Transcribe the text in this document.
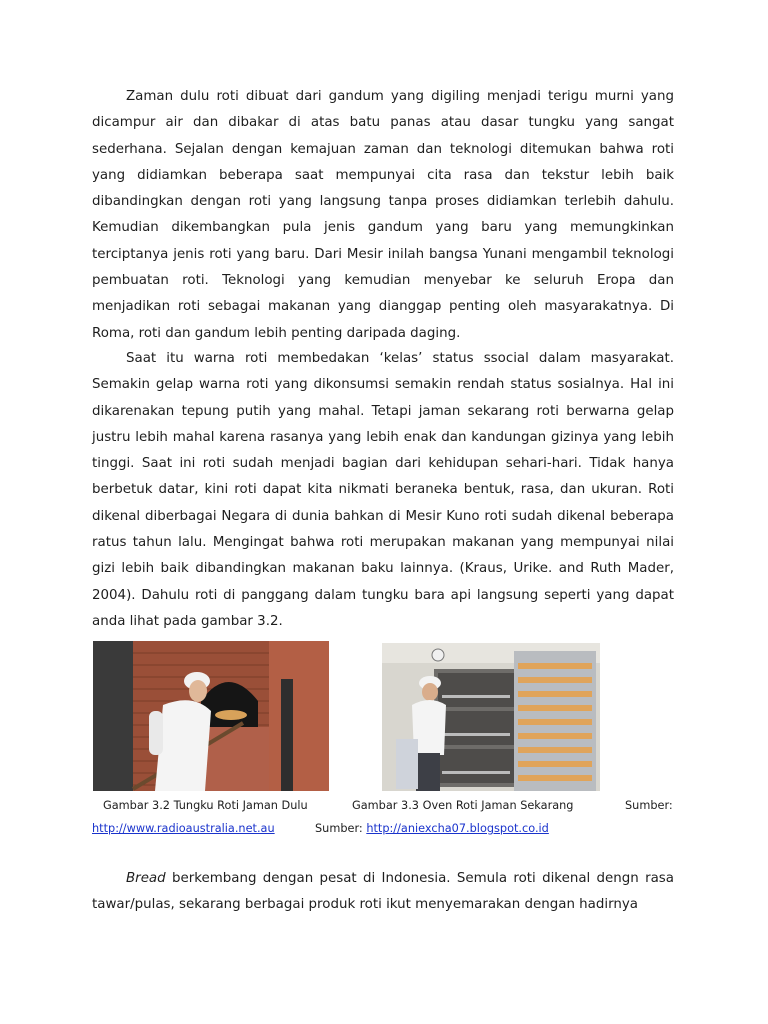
Zaman dulu roti dibuat dari gandum yang digiling menjadi terigu murni yang dicampur air dan dibakar di atas batu panas atau dasar tungku yang sangat sederhana. Sejalan dengan kemajuan zaman dan teknologi ditemukan bahwa roti yang didiamkan beberapa saat mempunyai cita rasa dan tekstur lebih baik dibandingkan dengan roti yang langsung tanpa proses didiamkan terlebih dahulu. Kemudian dikembangkan pula jenis gandum yang baru yang memungkinkan terciptanya jenis roti yang baru. Dari Mesir inilah bangsa Yunani mengambil teknologi pembuatan roti. Teknologi yang kemudian menyebar ke seluruh Eropa dan menjadikan roti sebagai makanan yang dianggap penting oleh masyarakatnya. Di Roma, roti dan gandum lebih penting daripada daging.

Saat itu warna roti membedakan ‘kelas’ status ssocial dalam masyarakat. Semakin gelap warna roti yang dikonsumsi semakin rendah status sosialnya. Hal ini dikarenakan tepung putih yang mahal. Tetapi jaman sekarang roti berwarna gelap justru lebih mahal karena rasanya yang lebih enak dan kandungan gizinya yang lebih tinggi. Saat ini roti sudah menjadi bagian dari kehidupan sehari-hari. Tidak hanya berbetuk datar, kini roti dapat kita nikmati beraneka bentuk, rasa, dan ukuran. Roti dikenal diberbagai Negara di dunia bahkan di Mesir Kuno roti sudah dikenal beberapa ratus tahun lalu. Mengingat bahwa roti merupakan makanan yang mempunyai nilai gizi lebih baik dibandingkan makanan baku lainnya. (Kraus, Urike. and Ruth Mader, 2004). Dahulu roti di panggang dalam tungku bara api langsung seperti yang dapat anda lihat pada gambar 3.2.

Gambar 3.2 Tungku Roti Jaman Dulu	Gambar 3.3 Oven Roti Jaman Sekarang	Sumber:
http://www.radioaustralia.net.au	Sumber: http://aniexcha07.blogspot.co.id

Bread berkembang dengan pesat di Indonesia. Semula roti dikenal dengn rasa tawar/pulas, sekarang berbagai produk roti ikut menyemarakan dengan hadirnya
